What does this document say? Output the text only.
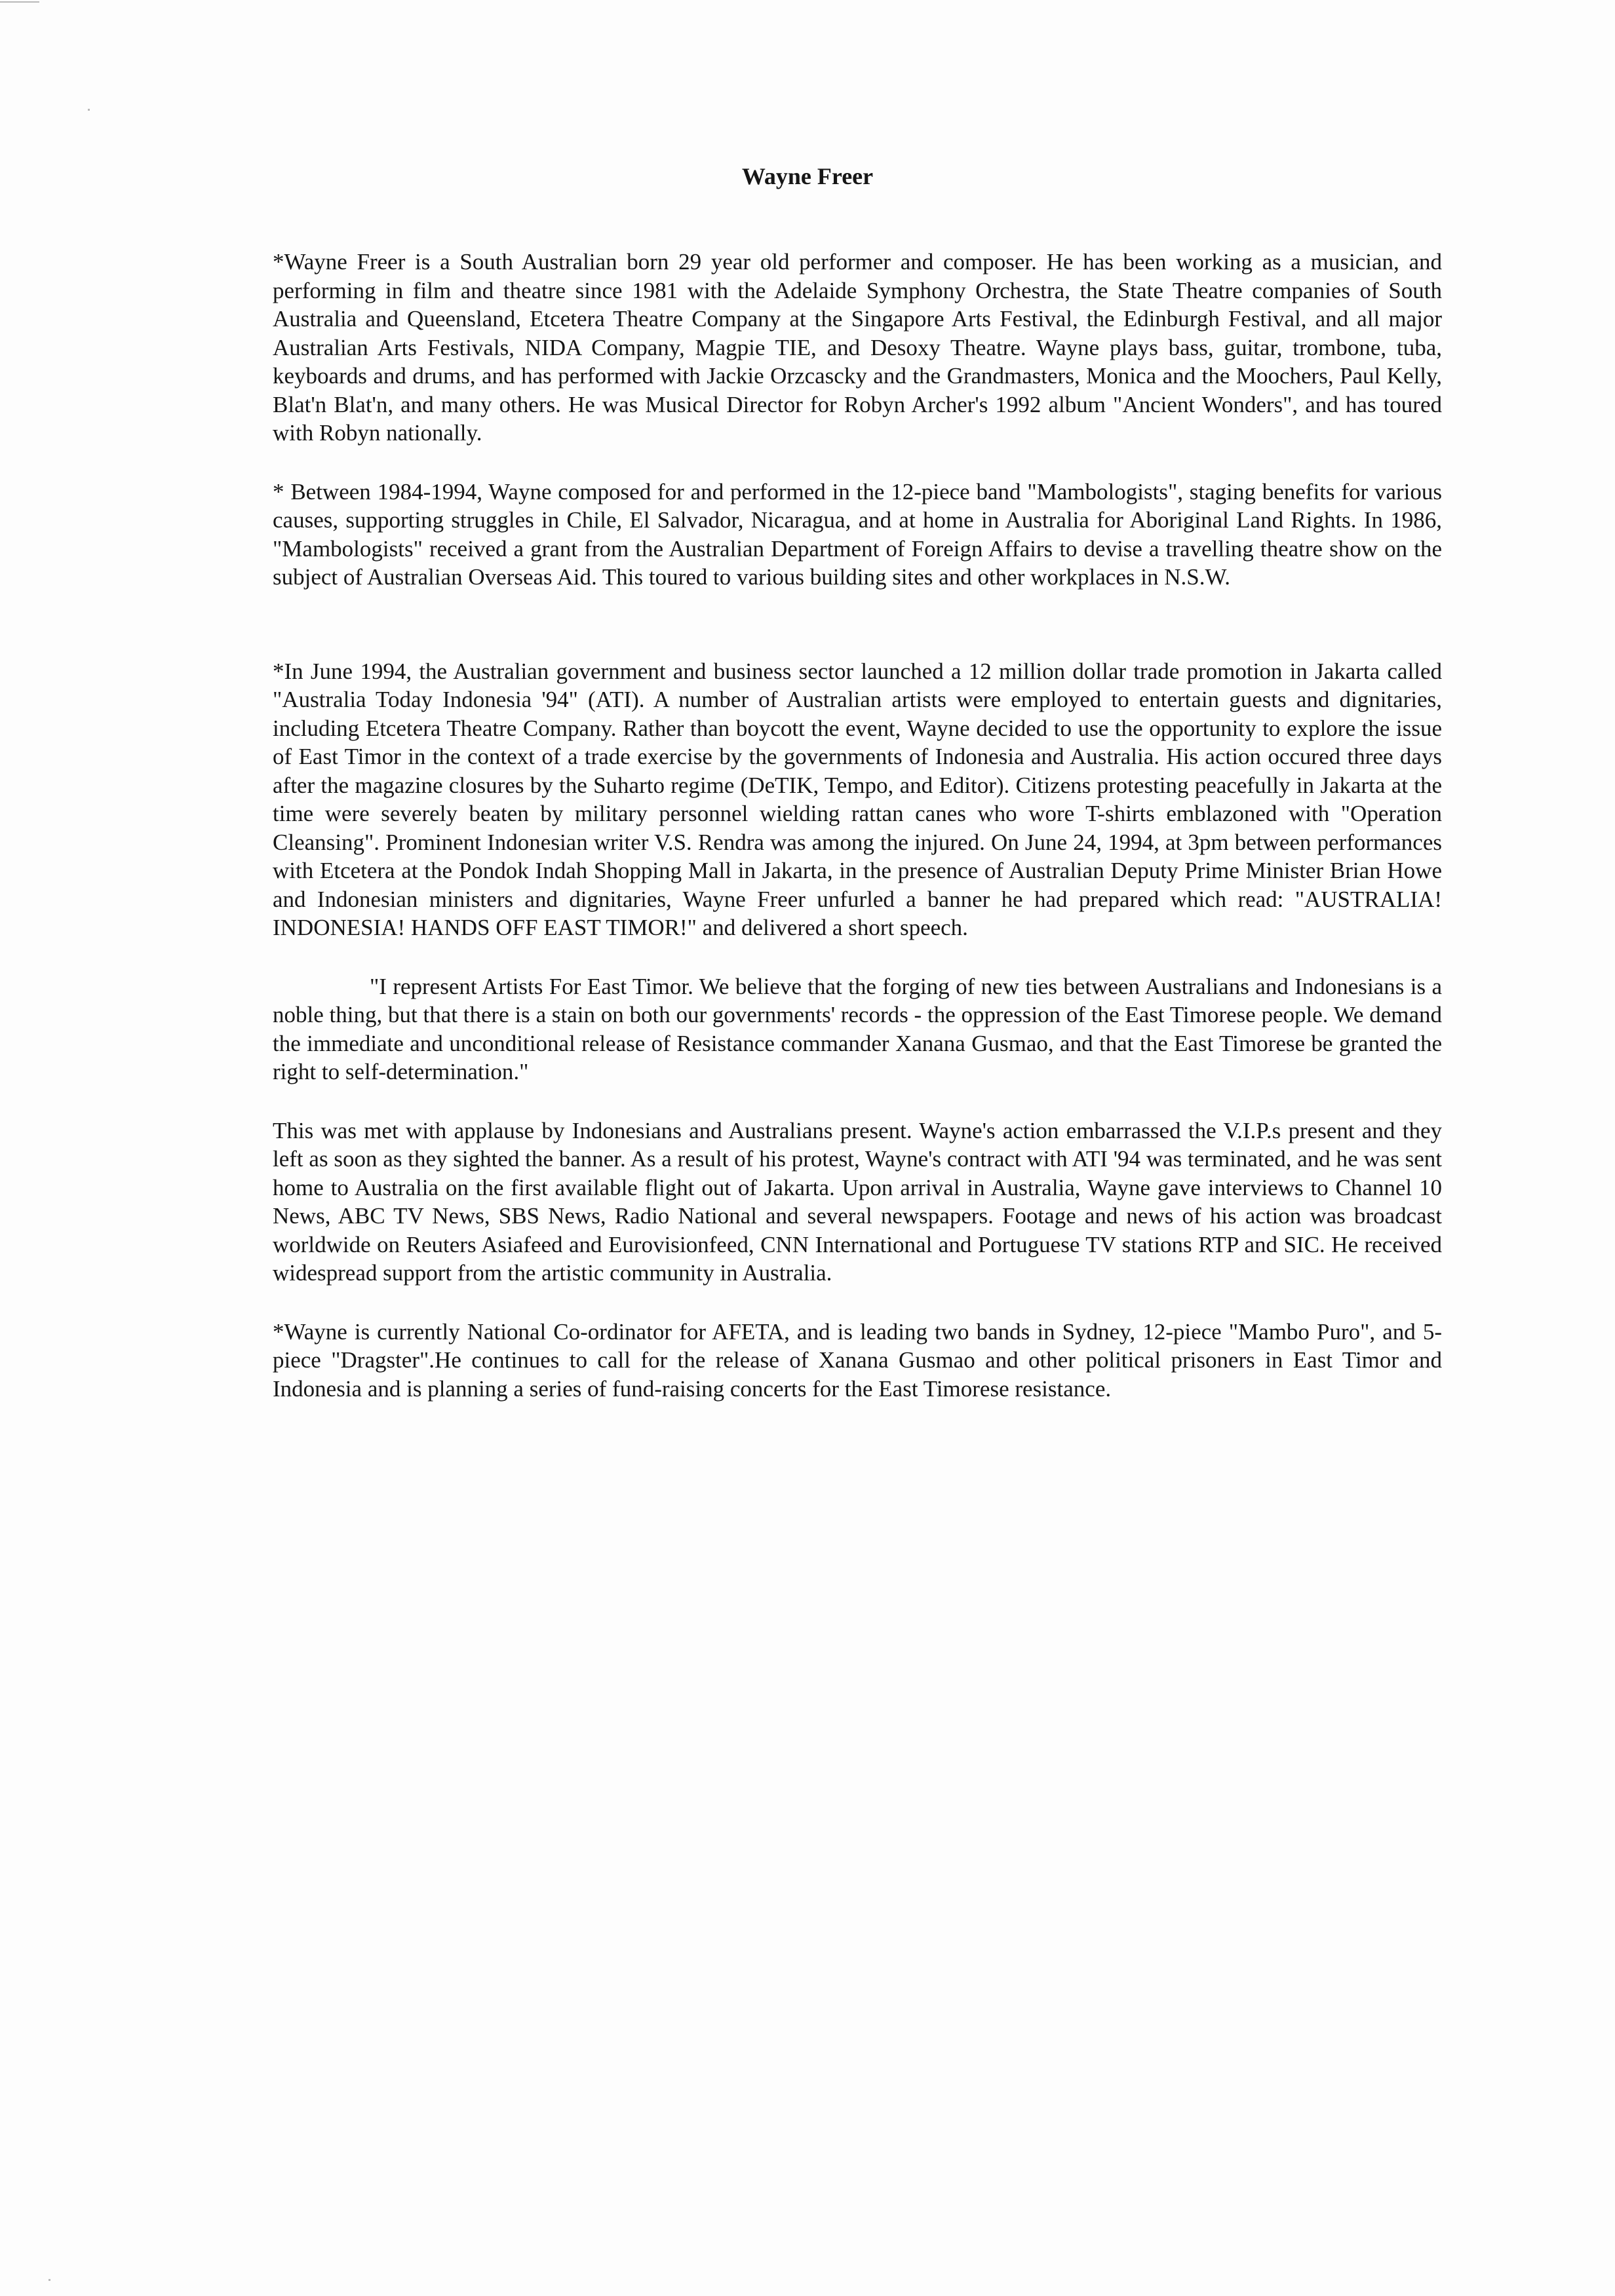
Wayne Freer

*Wayne Freer is a South Australian born 29 year old performer and composer. He has been working as a musician, and performing in film and theatre since 1981 with the Adelaide Symphony Orchestra, the State Theatre companies of South Australia and Queensland, Etcetera Theatre Company at the Singapore Arts Festival, the Edinburgh Festival, and all major Australian Arts Festivals, NIDA Company, Magpie TIE, and Desoxy Theatre. Wayne plays bass, guitar, trombone, tuba, keyboards and drums, and has performed with Jackie Orzcascky and the Grandmasters, Monica and the Moochers, Paul Kelly, Blat'n Blat'n, and many others. He was Musical Director for Robyn Archer's 1992 album "Ancient Wonders", and has toured with Robyn nationally.

* Between 1984-1994, Wayne composed for and performed in the 12-piece band "Mambologists", staging benefits for various causes, supporting struggles in Chile, El Salvador, Nicaragua, and at home in Australia for Aboriginal Land Rights. In 1986, "Mambologists" received a grant from the Australian Department of Foreign Affairs to devise a travelling theatre show on the subject of Australian Overseas Aid. This toured to various building sites and other workplaces in N.S.W.

*In June 1994, the Australian government and business sector launched a 12 million dollar trade promotion in Jakarta called "Australia Today Indonesia '94" (ATI). A number of Australian artists were employed to entertain guests and dignitaries, including Etcetera Theatre Company. Rather than boycott the event, Wayne decided to use the opportunity to explore the issue of East Timor in the context of a trade exercise by the governments of Indonesia and Australia. His action occured three days after the magazine closures by the Suharto regime (DeTIK, Tempo, and Editor). Citizens protesting peacefully in Jakarta at the time were severely beaten by military personnel wielding rattan canes who wore T-shirts emblazoned with "Operation Cleansing". Prominent Indonesian writer V.S. Rendra was among the injured. On June 24, 1994, at 3pm between performances with Etcetera at the Pondok Indah Shopping Mall in Jakarta, in the presence of Australian Deputy Prime Minister Brian Howe and Indonesian ministers and dignitaries, Wayne Freer unfurled a banner he had prepared which read: "AUSTRALIA! INDONESIA! HANDS OFF EAST TIMOR!" and delivered a short speech.

"I represent Artists For East Timor. We believe that the forging of new ties between Australians and Indonesians is a noble thing, but that there is a stain on both our governments' records - the oppression of the East Timorese people. We demand the immediate and unconditional release of Resistance commander Xanana Gusmao, and that the East Timorese be granted the right to self-determination."

This was met with applause by Indonesians and Australians present. Wayne's action embarrassed the V.I.P.s present and they left as soon as they sighted the banner. As a result of his protest, Wayne's contract with ATI '94 was terminated, and he was sent home to Australia on the first available flight out of Jakarta. Upon arrival in Australia, Wayne gave interviews to Channel 10 News, ABC TV News, SBS News, Radio National and several newspapers. Footage and news of his action was broadcast worldwide on Reuters Asiafeed and Eurovisionfeed, CNN International and Portuguese TV stations RTP and SIC. He received widespread support from the artistic community in Australia.

*Wayne is currently National Co-ordinator for AFETA, and is leading two bands in Sydney, 12-piece "Mambo Puro", and 5-piece "Dragster".He continues to call for the release of Xanana Gusmao and other political prisoners in East Timor and Indonesia and is planning a series of fund-raising concerts for the East Timorese resistance.
